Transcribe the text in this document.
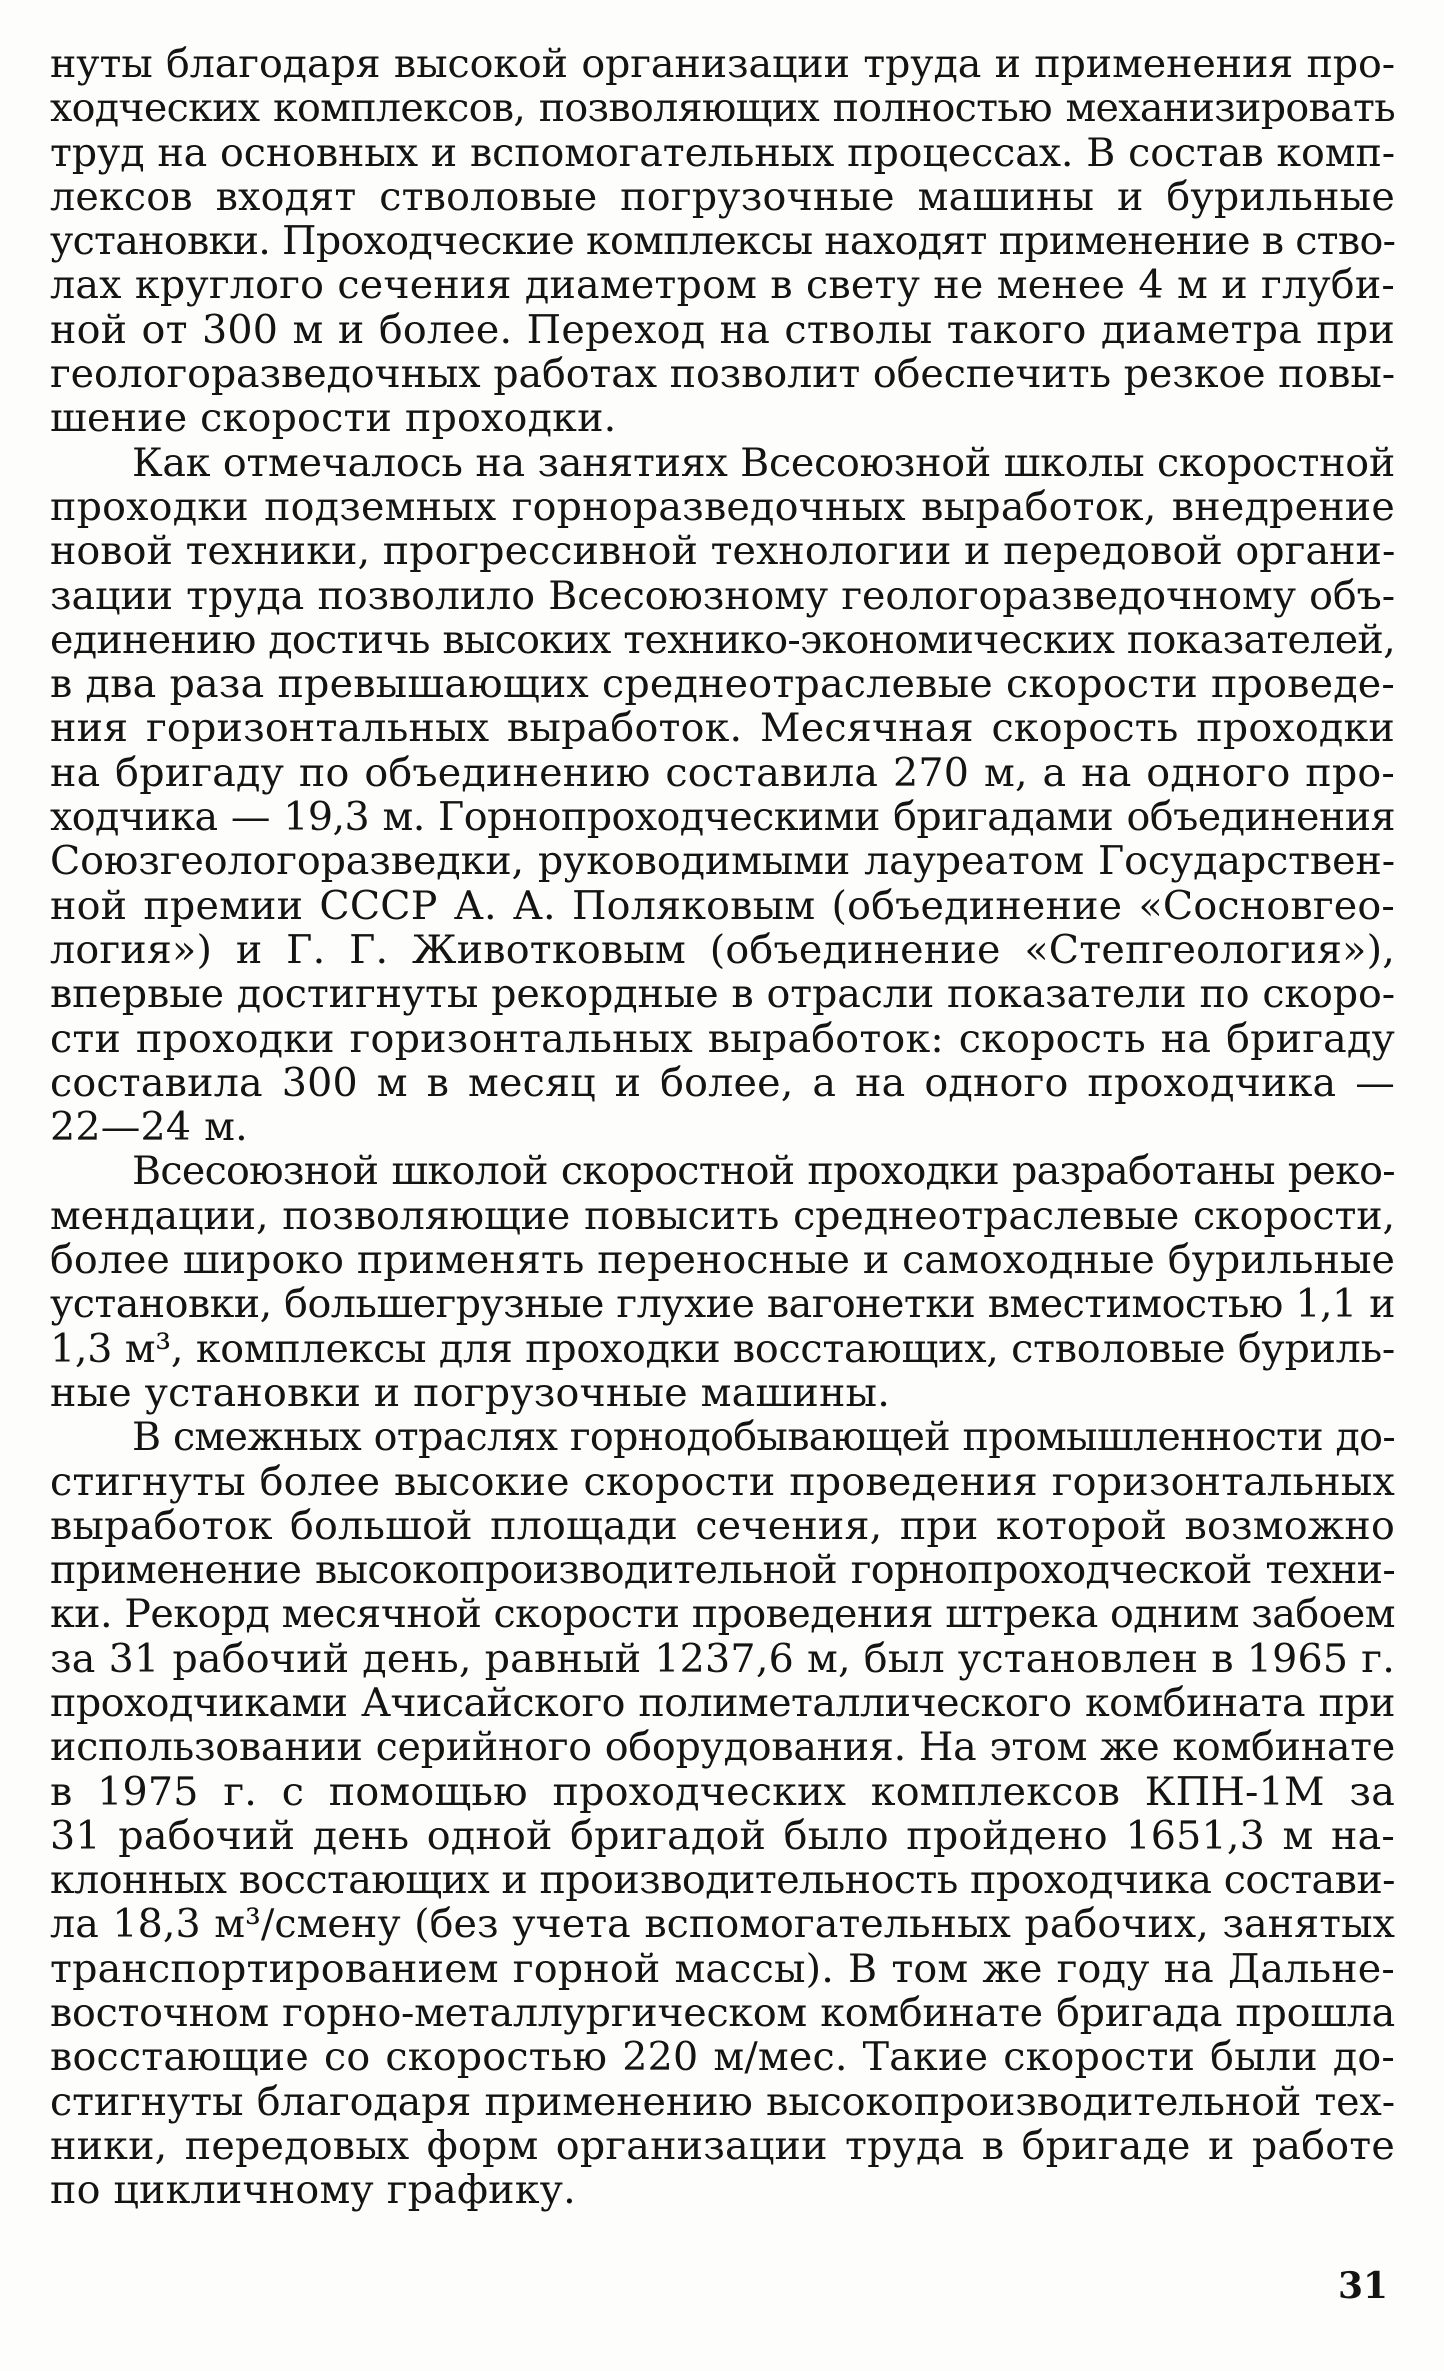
нуты благодаря высокой организации труда и применения про-
ходческих комплексов, позволяющих полностью механизировать
труд на основных и вспомогательных процессах. В состав комп-
лексов входят стволовые погрузочные машины и бурильные
установки. Проходческие комплексы находят применение в ство-
лах круглого сечения диаметром в свету не менее 4 м и глуби-
ной от 300 м и более. Переход на стволы такого диаметра при
геологоразведочных работах позволит обеспечить резкое повы-
шение скорости проходки.
Как отмечалось на занятиях Всесоюзной школы скоростной
проходки подземных горноразведочных выработок, внедрение
новой техники, прогрессивной технологии и передовой органи-
зации труда позволило Всесоюзному геологоразведочному объ-
единению достичь высоких технико-экономических показателей,
в два раза превышающих среднеотраслевые скорости проведе-
ния горизонтальных выработок. Месячная скорость проходки
на бригаду по объединению составила 270 м, а на одного про-
ходчика — 19,3 м. Горнопроходческими бригадами объединения
Союзгеологоразведки, руководимыми лауреатом Государствен-
ной премии СССР А. А. Поляковым (объединение «Сосновгео-
логия») и Г. Г. Животковым (объединение «Степгеология»),
впервые достигнуты рекордные в отрасли показатели по скоро-
сти проходки горизонтальных выработок: скорость на бригаду
составила 300 м в месяц и более, а на одного проходчика —
22—24 м.
Всесоюзной школой скоростной проходки разработаны реко-
мендации, позволяющие повысить среднеотраслевые скорости,
более широко применять переносные и самоходные бурильные
установки, большегрузные глухие вагонетки вместимостью 1,1 и
1,3 м³, комплексы для проходки восстающих, стволовые буриль-
ные установки и погрузочные машины.
В смежных отраслях горнодобывающей промышленности до-
стигнуты более высокие скорости проведения горизонтальных
выработок большой площади сечения, при которой возможно
применение высокопроизводительной горнопроходческой техни-
ки. Рекорд месячной скорости проведения штрека одним забоем
за 31 рабочий день, равный 1237,6 м, был установлен в 1965 г.
проходчиками Ачисайского полиметаллического комбината при
использовании серийного оборудования. На этом же комбинате
в 1975 г. с помощью проходческих комплексов КПН-1М за
31 рабочий день одной бригадой было пройдено 1651,3 м на-
клонных восстающих и производительность проходчика состави-
ла 18,3 м³/смену (без учета вспомогательных рабочих, занятых
транспортированием горной массы). В том же году на Дальне-
восточном горно-металлургическом комбинате бригада прошла
восстающие со скоростью 220 м/мес. Такие скорости были до-
стигнуты благодаря применению высокопроизводительной тех-
ники, передовых форм организации труда в бригаде и работе
по цикличному графику.
31
